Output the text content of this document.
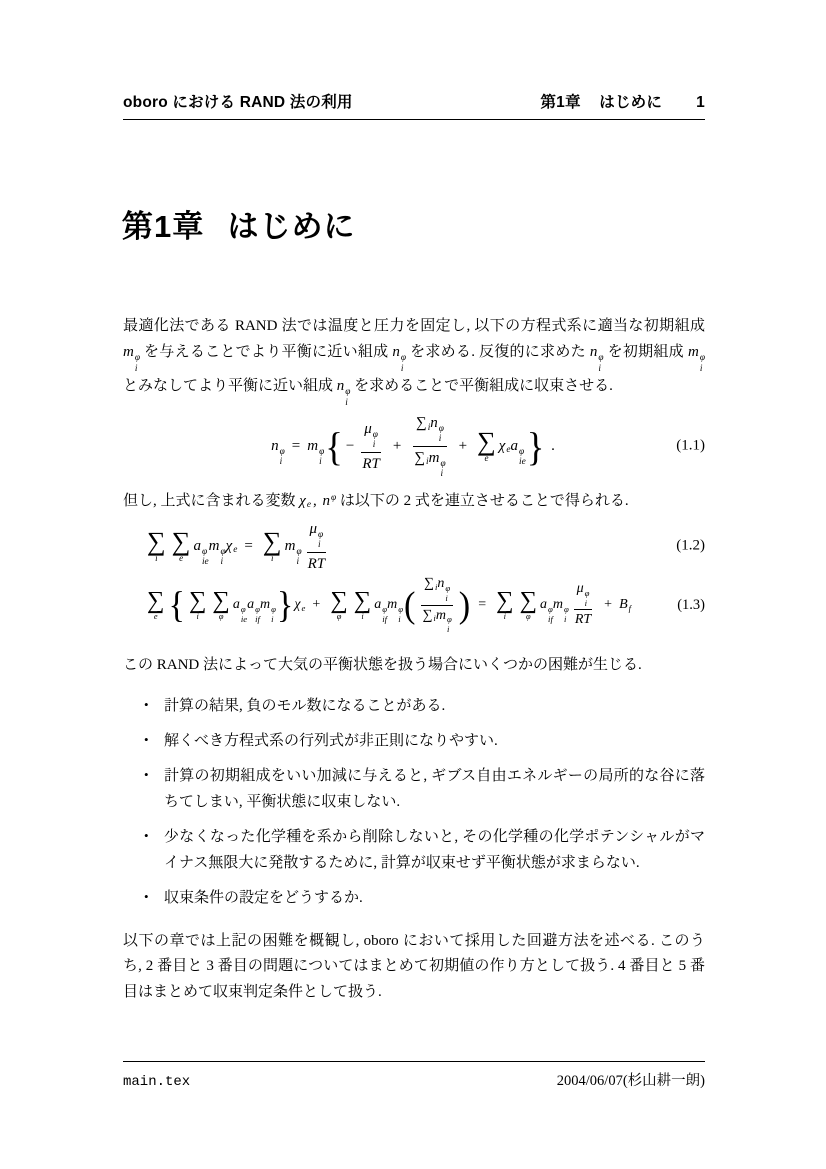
oboro における RAND 法の利用	第1章 はじめに 1
第1章 はじめに

最適化法である RAND 法では温度と圧力を固定し, 以下の方程式系に適当な初期組成 m φ
i
を与えることでより平衡に近い組成 n φ
i
を求める. 反復的に求めた n φ
i
を初期組成 m φ
i
とみなしてより平衡に近い組成 n φ
i
を求めることで平衡組成に収束させる.

n φ
i
= m φ
i { −
μ φ
i
RT
+
∑in φ
i
∑im φ
i
+ ∑
e
χea φ
ie } .	(1.1)

但し, 上式に含まれる変数 χe , $n^\varphi$ は以下の 2 式を連立させることで得られる.

∑
i
∑
e
a φ
ie
m φ
i
χe = ∑
i
m φ
i
μ φ
i
RT
(1.2)
∑
e { ∑
i
∑
φ
a φ
ie
a φ
if
m φ
i }χe + ∑
φ
∑
i
a φ
if
m φ
i (
∑in φ
i
∑im φ
i
) = ∑
i
∑
φ
a φ
if
m φ
i
μ φ
i
RT
+ Bf	(1.3)

この RAND 法によって大気の平衡状態を扱う場合にいくつかの困難が生じる.

•	計算の結果, 負のモル数になることがある.
•	解くべき方程式系の行列式が非正則になりやすい.
•	計算の初期組成をいい加減に与えると, ギブス自由エネルギーの局所的な谷に落ちてしまい, 平衡状態に収束しない.
•	少なくなった化学種を系から削除しないと, その化学種の化学ポテンシャルがマイナス無限大に発散するために, 計算が収束せず平衡状態が求まらない.
•	収束条件の設定をどうするか.

以下の章では上記の困難を概観し, oboro において採用した回避方法を述べる. このうち, 2 番目と 3 番目の問題についてはまとめて初期値の作り方として扱う. 4 番目と 5 番目はまとめて収束判定条件として扱う.

main.tex	2004/06/07(杉山耕一朗)
